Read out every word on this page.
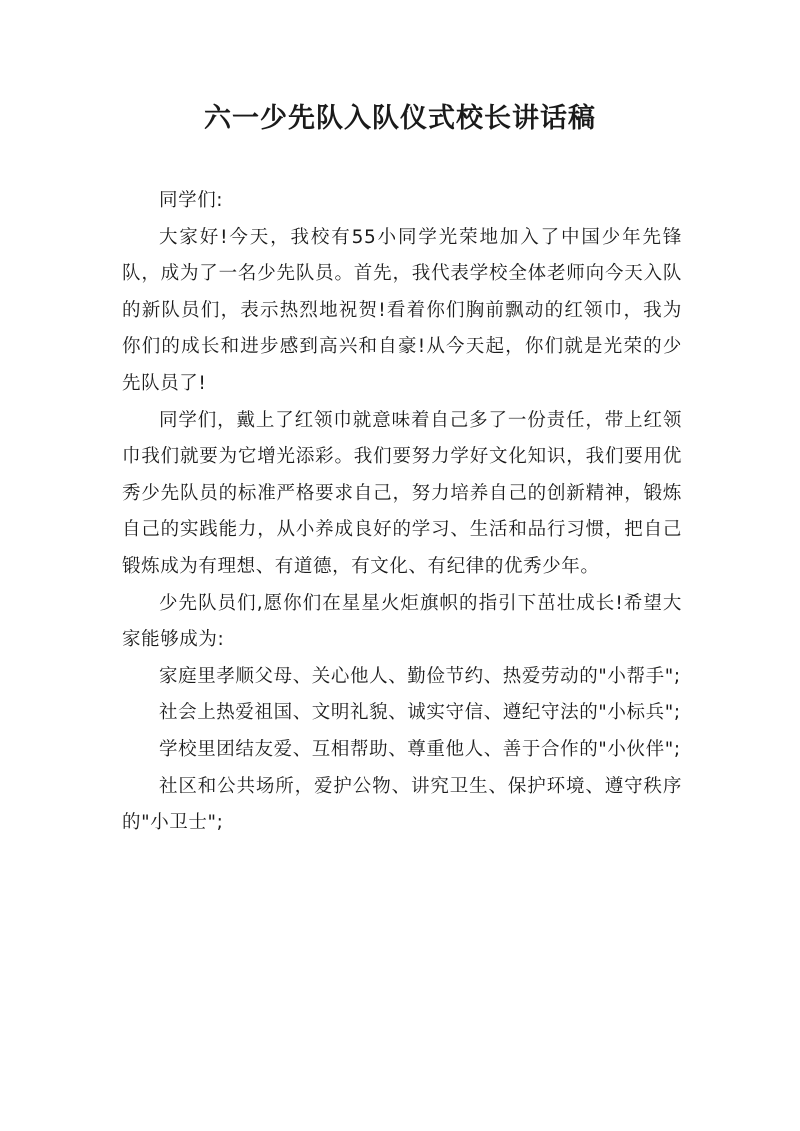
六一少先队入队仪式校长讲话稿

同学们:

大家好!今天，我校有55小同学光荣地加入了中国少年先锋队，成为了一名少先队员。首先，我代表学校全体老师向今天入队的新队员们，表示热烈地祝贺!看着你们胸前飘动的红领巾，我为你们的成长和进步感到高兴和自豪!从今天起，你们就是光荣的少先队员了!

同学们，戴上了红领巾就意味着自己多了一份责任，带上红领巾我们就要为它增光添彩。我们要努力学好文化知识，我们要用优秀少先队员的标准严格要求自己，努力培养自己的创新精神，锻炼自己的实践能力，从小养成良好的学习、生活和品行习惯，把自己锻炼成为有理想、有道德，有文化、有纪律的优秀少年。

少先队员们,愿你们在星星火炬旗帜的指引下茁壮成长!希望大家能够成为:

家庭里孝顺父母、关心他人、勤俭节约、热爱劳动的"小帮手";

社会上热爱祖国、文明礼貌、诚实守信、遵纪守法的"小标兵";

学校里团结友爱、互相帮助、尊重他人、善于合作的"小伙伴";

社区和公共场所，爱护公物、讲究卫生、保护环境、遵守秩序的"小卫士";
